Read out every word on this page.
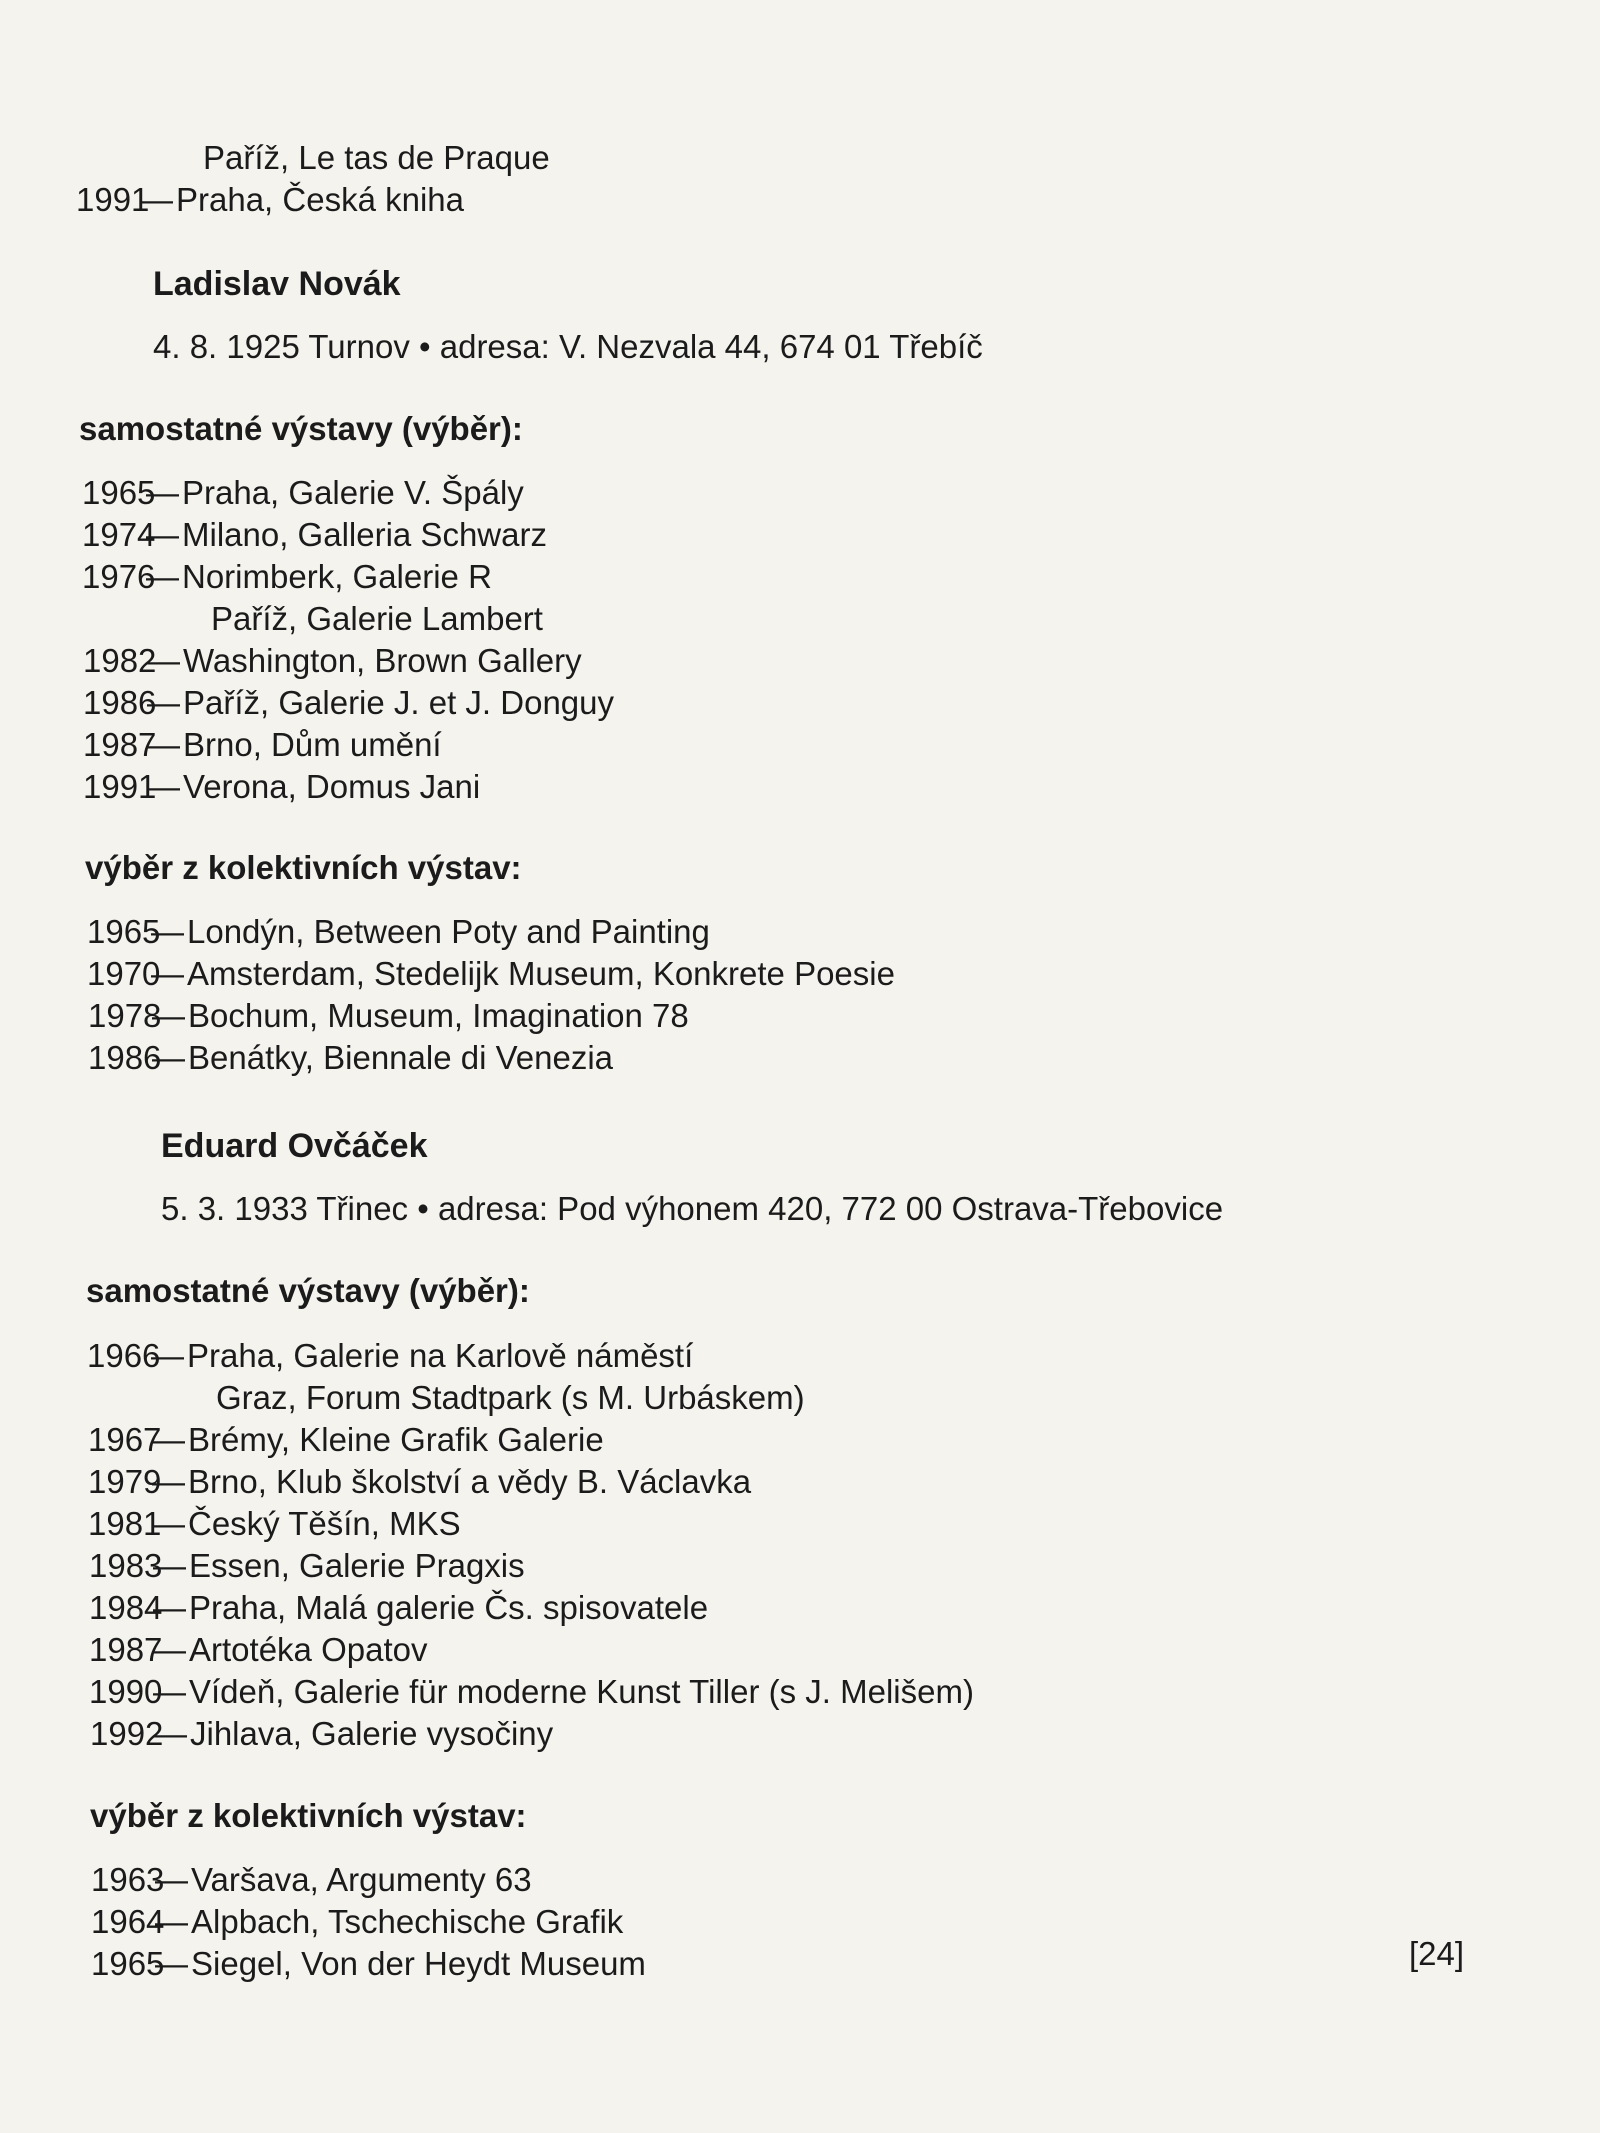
Paříž, Le tas de Praque
1991—Praha, Česká kniha
Ladislav Novák
4. 8. 1925 Turnov • adresa: V. Nezvala 44, 674 01 Třebíč
samostatné výstavy (výběr):
1965—Praha, Galerie V. Špály
1974—Milano, Galleria Schwarz
1976—Norimberk, Galerie R
Paříž, Galerie Lambert
1982—Washington, Brown Gallery
1986—Paříž, Galerie J. et J. Donguy
1987—Brno, Dům umění
1991—Verona, Domus Jani
výběr z kolektivních výstav:
1965—Londýn, Between Poty and Painting
1970—Amsterdam, Stedelijk Museum, Konkrete Poesie
1978—Bochum, Museum, Imagination 78
1986—Benátky, Biennale di Venezia
Eduard Ovčáček
5. 3. 1933 Třinec • adresa: Pod výhonem 420, 772 00 Ostrava-Třebovice
samostatné výstavy (výběr):
1966—Praha, Galerie na Karlově náměstí
Graz, Forum Stadtpark (s M. Urbáskem)
1967—Brémy, Kleine Grafik Galerie
1979—Brno, Klub školství a vědy B. Václavka
1981—Český Těšín, MKS
1983—Essen, Galerie Pragxis
1984—Praha, Malá galerie Čs. spisovatele
1987—Artotéka Opatov
1990—Vídeň, Galerie für moderne Kunst Tiller (s J. Melišem)
1992—Jihlava, Galerie vysočiny
výběr z kolektivních výstav:
1963—Varšava, Argumenty 63
1964—Alpbach, Tschechische Grafik
1965—Siegel, Von der Heydt Museum	[24]
